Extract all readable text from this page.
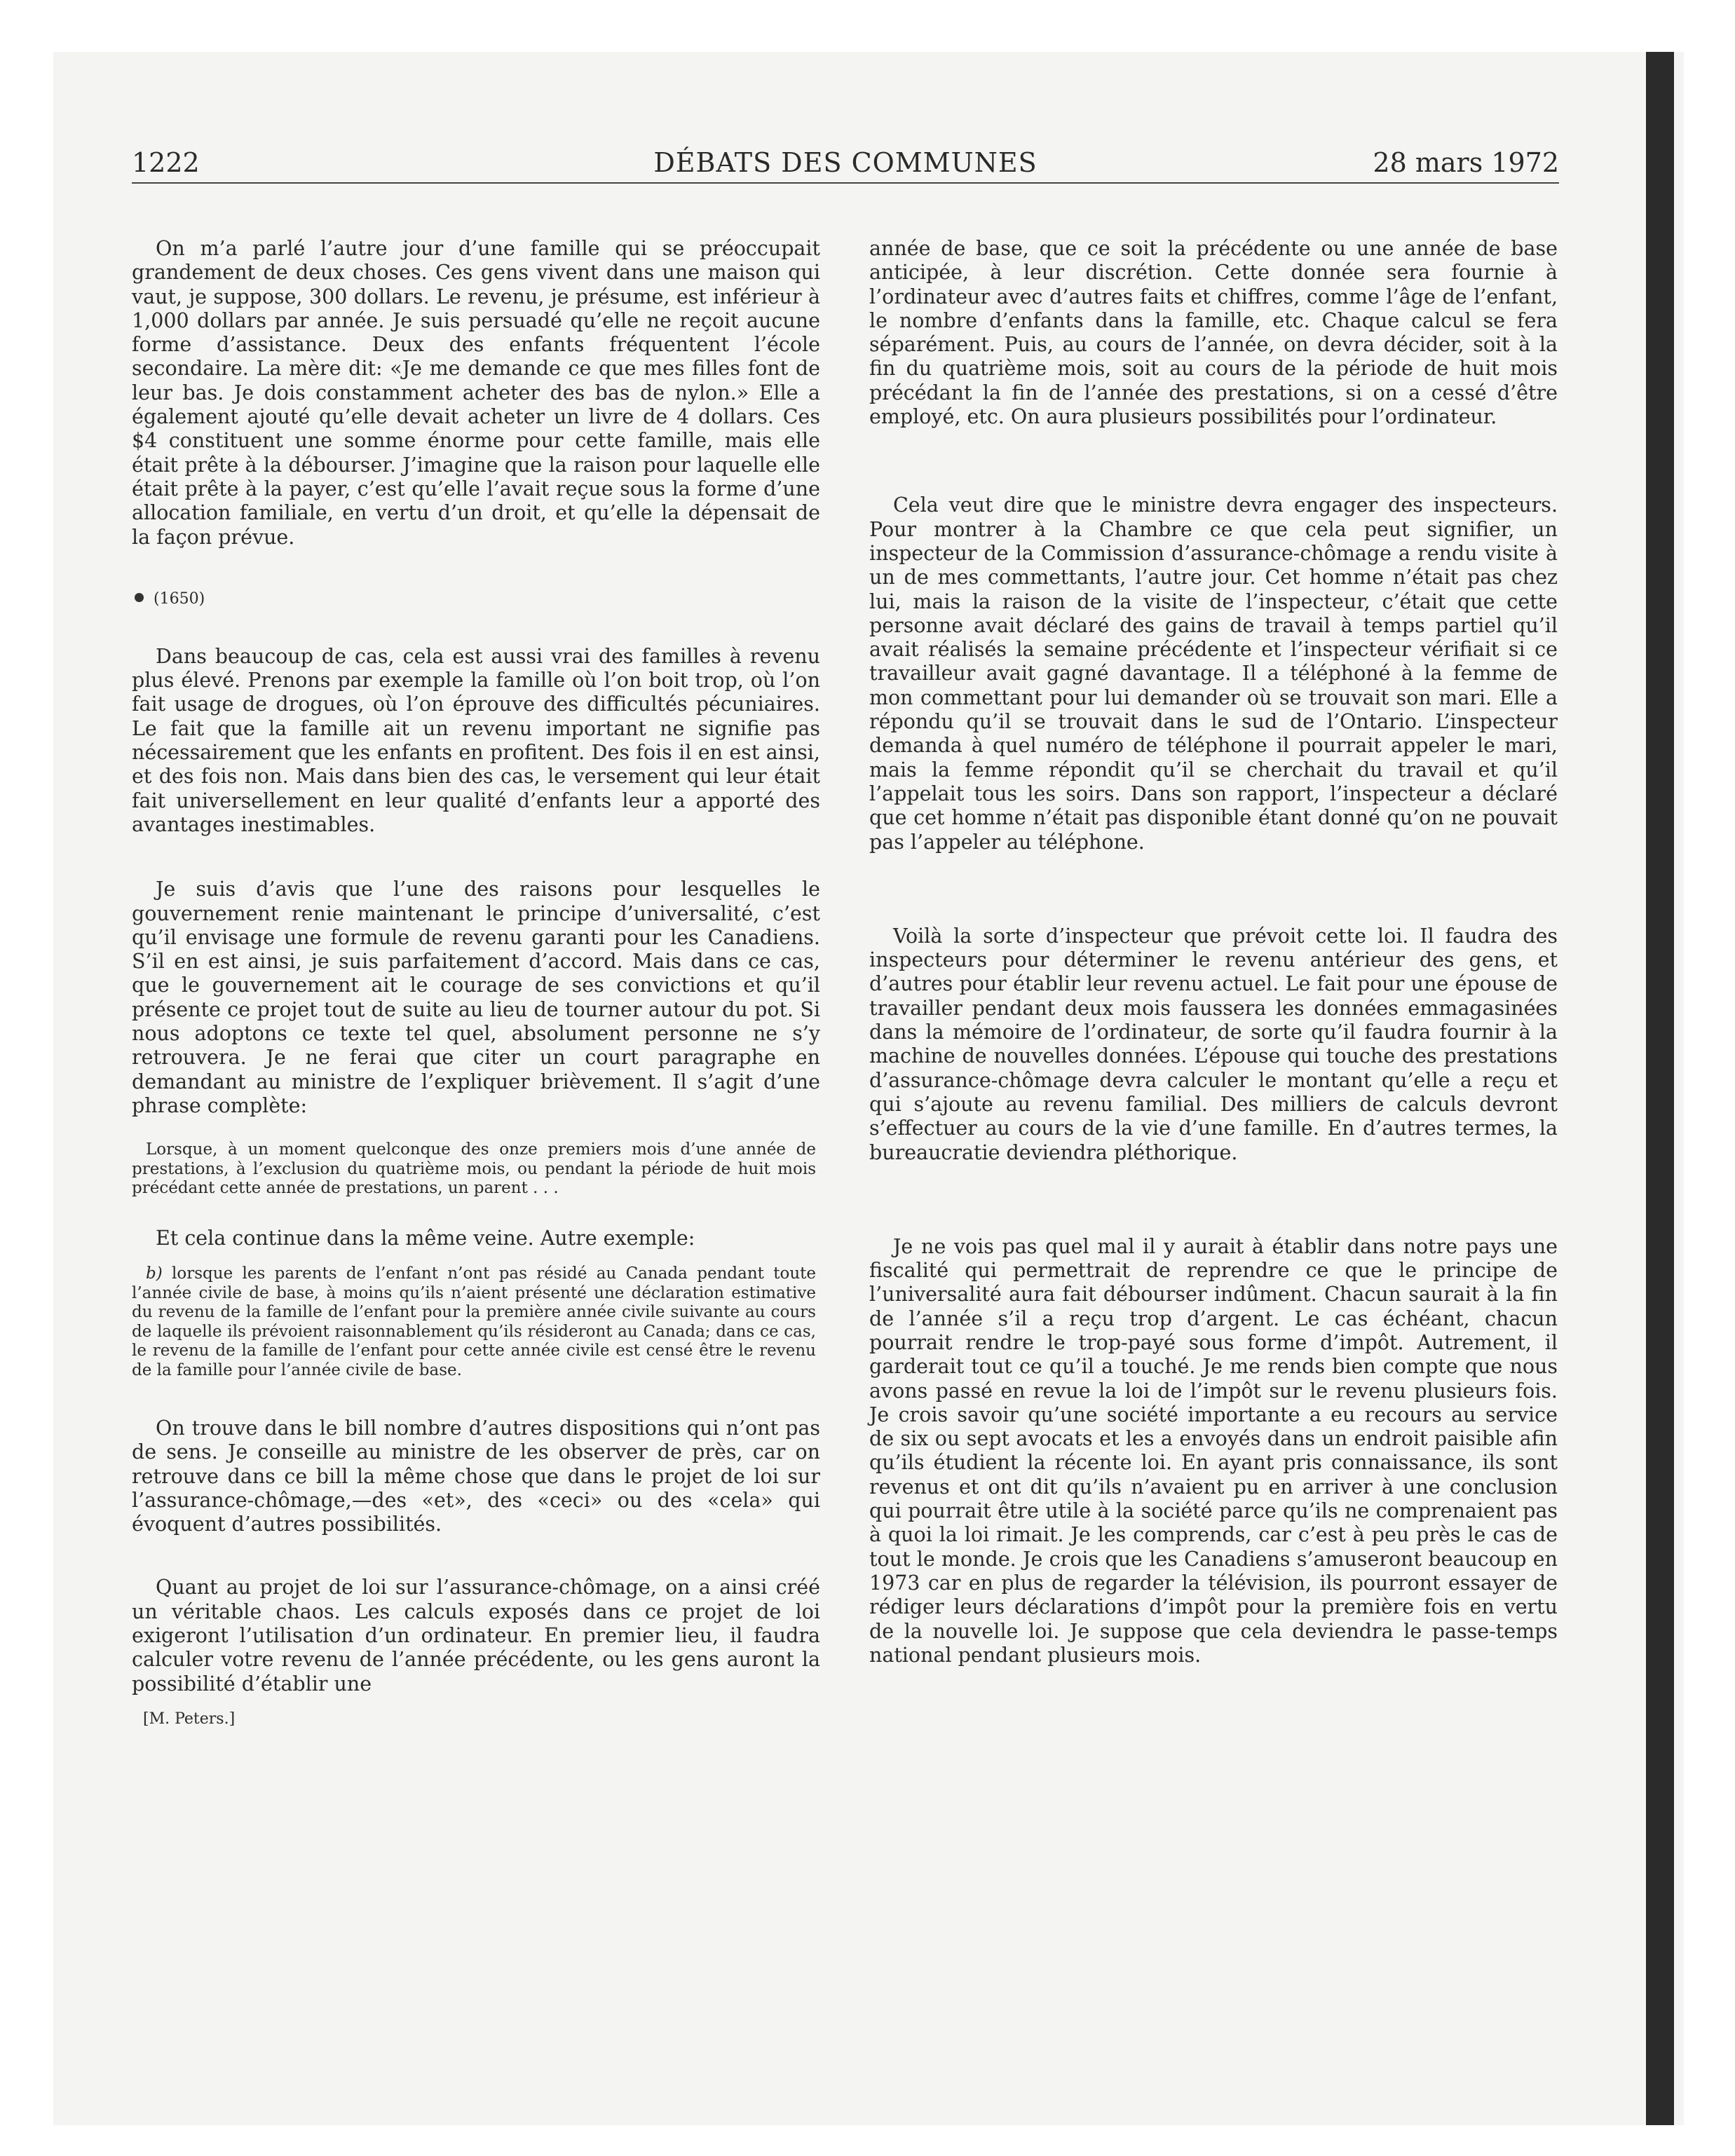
1222	DÉBATS DES COMMUNES	28 mars 1972

On m’a parlé l’autre jour d’une famille qui se préoccupait grandement de deux choses. Ces gens vivent dans une maison qui vaut, je suppose, 300 dollars. Le revenu, je présume, est inférieur à 1,000 dollars par année. Je suis persuadé qu’elle ne reçoit aucune forme d’assistance. Deux des enfants fréquentent l’école secondaire. La mère dit: «Je me demande ce que mes filles font de leur bas. Je dois constamment acheter des bas de nylon.» Elle a également ajouté qu’elle devait acheter un livre de 4 dollars. Ces $4 constituent une somme énorme pour cette famille, mais elle était prête à la débourser. J’imagine que la raison pour laquelle elle était prête à la payer, c’est qu’elle l’avait reçue sous la forme d’une allocation familiale, en vertu d’un droit, et qu’elle la dépensait de la façon prévue.

(1650)

Dans beaucoup de cas, cela est aussi vrai des familles à revenu plus élevé. Prenons par exemple la famille où l’on boit trop, où l’on fait usage de drogues, où l’on éprouve des difficultés pécuniaires. Le fait que la famille ait un revenu important ne signifie pas nécessairement que les enfants en profitent. Des fois il en est ainsi, et des fois non. Mais dans bien des cas, le versement qui leur était fait universellement en leur qualité d’enfants leur a apporté des avantages inestimables.

Je suis d’avis que l’une des raisons pour lesquelles le gouvernement renie maintenant le principe d’universalité, c’est qu’il envisage une formule de revenu garanti pour les Canadiens. S’il en est ainsi, je suis parfaitement d’accord. Mais dans ce cas, que le gouvernement ait le courage de ses convictions et qu’il présente ce projet tout de suite au lieu de tourner autour du pot. Si nous adoptons ce texte tel quel, absolument personne ne s’y retrouvera. Je ne ferai que citer un court paragraphe en demandant au ministre de l’expliquer brièvement. Il s’agit d’une phrase complète:

Lorsque, à un moment quelconque des onze premiers mois d’une année de prestations, à l’exclusion du quatrième mois, ou pendant la période de huit mois précédant cette année de prestations, un parent . . .

Et cela continue dans la même veine. Autre exemple:

b) lorsque les parents de l’enfant n’ont pas résidé au Canada pendant toute l’année civile de base, à moins qu’ils n’aient présenté une déclaration estimative du revenu de la famille de l’enfant pour la première année civile suivante au cours de laquelle ils prévoient raisonnablement qu’ils résideront au Canada; dans ce cas, le revenu de la famille de l’enfant pour cette année civile est censé être le revenu de la famille pour l’année civile de base.

On trouve dans le bill nombre d’autres dispositions qui n’ont pas de sens. Je conseille au ministre de les observer de près, car on retrouve dans ce bill la même chose que dans le projet de loi sur l’assurance-chômage,—des «et», des «ceci» ou des «cela» qui évoquent d’autres possibilités.

Quant au projet de loi sur l’assurance-chômage, on a ainsi créé un véritable chaos. Les calculs exposés dans ce projet de loi exigeront l’utilisation d’un ordinateur. En premier lieu, il faudra calculer votre revenu de l’année précédente, ou les gens auront la possibilité d’établir une

[M. Peters.]

année de base, que ce soit la précédente ou une année de base anticipée, à leur discrétion. Cette donnée sera fournie à l’ordinateur avec d’autres faits et chiffres, comme l’âge de l’enfant, le nombre d’enfants dans la famille, etc. Chaque calcul se fera séparément. Puis, au cours de l’année, on devra décider, soit à la fin du quatrième mois, soit au cours de la période de huit mois précédant la fin de l’année des prestations, si on a cessé d’être employé, etc. On aura plusieurs possibilités pour l’ordinateur.

Cela veut dire que le ministre devra engager des inspecteurs. Pour montrer à la Chambre ce que cela peut signifier, un inspecteur de la Commission d’assurance-chômage a rendu visite à un de mes commettants, l’autre jour. Cet homme n’était pas chez lui, mais la raison de la visite de l’inspecteur, c’était que cette personne avait déclaré des gains de travail à temps partiel qu’il avait réalisés la semaine précédente et l’inspecteur vérifiait si ce travailleur avait gagné davantage. Il a téléphoné à la femme de mon commettant pour lui demander où se trouvait son mari. Elle a répondu qu’il se trouvait dans le sud de l’Ontario. L’inspecteur demanda à quel numéro de téléphone il pourrait appeler le mari, mais la femme répondit qu’il se cherchait du travail et qu’il l’appelait tous les soirs. Dans son rapport, l’inspecteur a déclaré que cet homme n’était pas disponible étant donné qu’on ne pouvait pas l’appeler au téléphone.

Voilà la sorte d’inspecteur que prévoit cette loi. Il faudra des inspecteurs pour déterminer le revenu antérieur des gens, et d’autres pour établir leur revenu actuel. Le fait pour une épouse de travailler pendant deux mois faussera les données emmagasinées dans la mémoire de l’ordinateur, de sorte qu’il faudra fournir à la machine de nouvelles données. L’épouse qui touche des prestations d’assurance-chômage devra calculer le montant qu’elle a reçu et qui s’ajoute au revenu familial. Des milliers de calculs devront s’effectuer au cours de la vie d’une famille. En d’autres termes, la bureaucratie deviendra pléthorique.

Je ne vois pas quel mal il y aurait à établir dans notre pays une fiscalité qui permettrait de reprendre ce que le principe de l’universalité aura fait débourser indûment. Chacun saurait à la fin de l’année s’il a reçu trop d’argent. Le cas échéant, chacun pourrait rendre le trop-payé sous forme d’impôt. Autrement, il garderait tout ce qu’il a touché. Je me rends bien compte que nous avons passé en revue la loi de l’impôt sur le revenu plusieurs fois. Je crois savoir qu’une société importante a eu recours au service de six ou sept avocats et les a envoyés dans un endroit paisible afin qu’ils étudient la récente loi. En ayant pris connaissance, ils sont revenus et ont dit qu’ils n’avaient pu en arriver à une conclusion qui pourrait être utile à la société parce qu’ils ne comprenaient pas à quoi la loi rimait. Je les comprends, car c’est à peu près le cas de tout le monde. Je crois que les Canadiens s’amuseront beaucoup en 1973 car en plus de regarder la télévision, ils pourront essayer de rédiger leurs déclarations d’impôt pour la première fois en vertu de la nouvelle loi. Je suppose que cela deviendra le passe-temps national pendant plusieurs mois.
